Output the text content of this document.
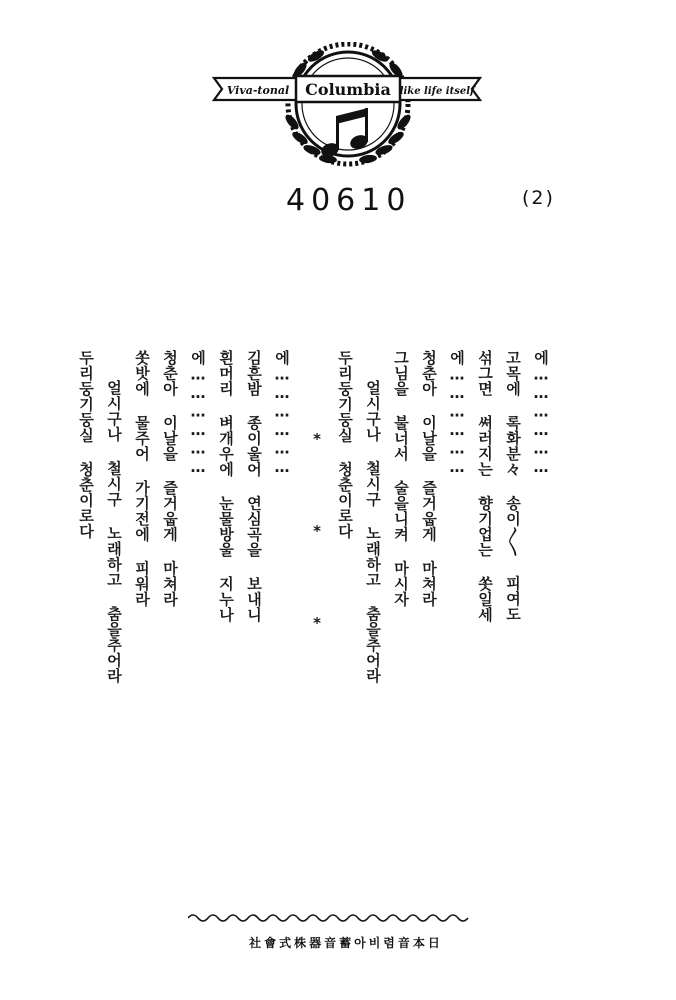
Viva-tonal Columbia like life itself
40610	(2)
에………………
고목에 록화분々 송이〳〵 피여도
섞그면 쎠러지는 향기업는 쏫일세
에………………
청춘아 이날을 즐거웁게 마쳐라
그님을 불너서 술을니켜 마시자
얼시구나 철시구 노래하고 춤을추어라
두리둥기둥실 청춘이로다
* * *
에………………
김흔밤 종이울어 연심곡을 보내니
흰머리 벼개우에 눈물방울 지누나
에………………
청춘아 이날을 즐거웁게 마쳐라
쏫밧에 물주어 가기전에 피워라
얼시구나 철시구 노래하고 춤을추어라
두리둥기둥실 청춘이로다
社會式株器音蓄아비렴音本日
